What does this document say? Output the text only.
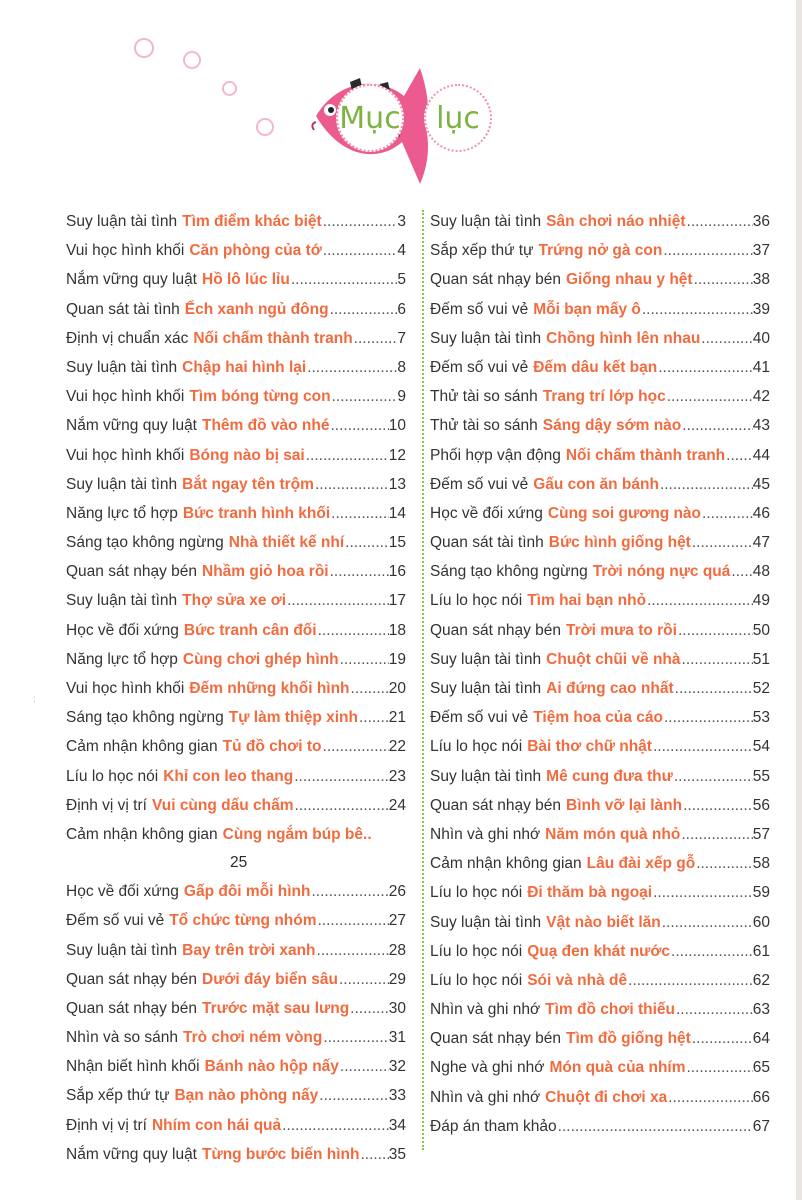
Mục lục
:
Suy luận tài tình Tìm điểm khác biệt .....	3
Vui học hình khối Căn phòng của tớ .....	4
Nắm vững quy luật Hồ lô lúc lỉu .....	5
Quan sát tài tình Ếch xanh ngủ đông .....	6
Định vị chuẩn xác Nối chấm thành tranh .....	7
Suy luận tài tình Chập hai hình lại .....	8
Vui học hình khối Tìm bóng từng con .....	9
Nắm vững quy luật Thêm đồ vào nhé .....	10
Vui học hình khối Bóng nào bị sai .....	12
Suy luận tài tình Bắt ngay tên trộm .....	13
Năng lực tổ hợp Bức tranh hình khối .....	14
Sáng tạo không ngừng Nhà thiết kế nhí .....	15
Quan sát nhạy bén Nhầm giỏ hoa rồi .....	16
Suy luận tài tình Thợ sửa xe ơi .....	17
Học về đối xứng Bức tranh cân đối .....	18
Năng lực tổ hợp Cùng chơi ghép hình .....	19
Vui học hình khối Đếm những khối hình .....	20
Sáng tạo không ngừng Tự làm thiệp xinh ..... 21
Cảm nhận không gian Tủ đồ chơi to .....	22
Líu lo học nói Khỉ con leo thang .....	23
Định vị vị trí Vui cùng dấu chấm .....	24
Cảm nhận không gian Cùng ngắm búp bê..
25
Học về đối xứng Gấp đôi mỗi hình .....	26
Đếm số vui vẻ Tổ chức từng nhóm .....	27
Suy luận tài tình Bay trên trời xanh .....	28
Quan sát nhạy bén Dưới đáy biển sâu .....	29
Quan sát nhạy bén Trước mặt sau lưng .....	30
Nhìn và so sánh Trò chơi ném vòng .....	31
Nhận biết hình khối Bánh nào hộp nấy .....	32
Sắp xếp thứ tự Bạn nào phòng nấy .....	33
Định vị vị trí Nhím con hái quả .....	34
Nắm vững quy luật Từng bước biến hình ..... 35
Suy luận tài tình Sân chơi náo nhiệt .....	36
Sắp xếp thứ tự Trứng nở gà con .....	37
Quan sát nhạy bén Giống nhau y hệt .....	38
Đếm số vui vẻ Mỗi bạn mấy ô .....	39
Suy luận tài tình Chồng hình lên nhau .....	40
Đếm số vui vẻ Đếm dâu kết bạn .....	41
Thử tài so sánh Trang trí lớp học .....	42
Thử tài so sánh Sáng dậy sớm nào .....	43
Phối hợp vận động Nối chấm thành tranh ..... 44
Đếm số vui vẻ Gấu con ăn bánh .....	45
Học về đối xứng Cùng soi gương nào .....	46
Quan sát tài tình Bức hình giống hệt .....	47
Sáng tạo không ngừng Trời nóng nực quá ..... 48
Líu lo học nói Tìm hai bạn nhỏ .....	49
Quan sát nhạy bén Trời mưa to rồi .....	50
Suy luận tài tình Chuột chũi về nhà .....	51
Suy luận tài tình Ai đứng cao nhất .....	52
Đếm số vui vẻ Tiệm hoa của cáo .....	53
Líu lo học nói Bài thơ chữ nhật .....	54
Suy luận tài tình Mê cung đưa thư .....	55
Quan sát nhạy bén Bình vỡ lại lành .....	56
Nhìn và ghi nhớ Năm món quà nhỏ .....	57
Cảm nhận không gian Lâu đài xếp gỗ .....	58
Líu lo học nói Đi thăm bà ngoại .....	59
Suy luận tài tình Vật nào biết lăn .....	60
Líu lo học nói Quạ đen khát nước .....	61
Líu lo học nói Sói và nhà dê .....	62
Nhìn và ghi nhớ Tìm đồ chơi thiếu .....	63
Quan sát nhạy bén Tìm đồ giống hệt .....	64
Nghe và ghi nhớ Món quà của nhím .....	65
Nhìn và ghi nhớ Chuột đi chơi xa .....	66
Đáp án tham khảo .....	67
